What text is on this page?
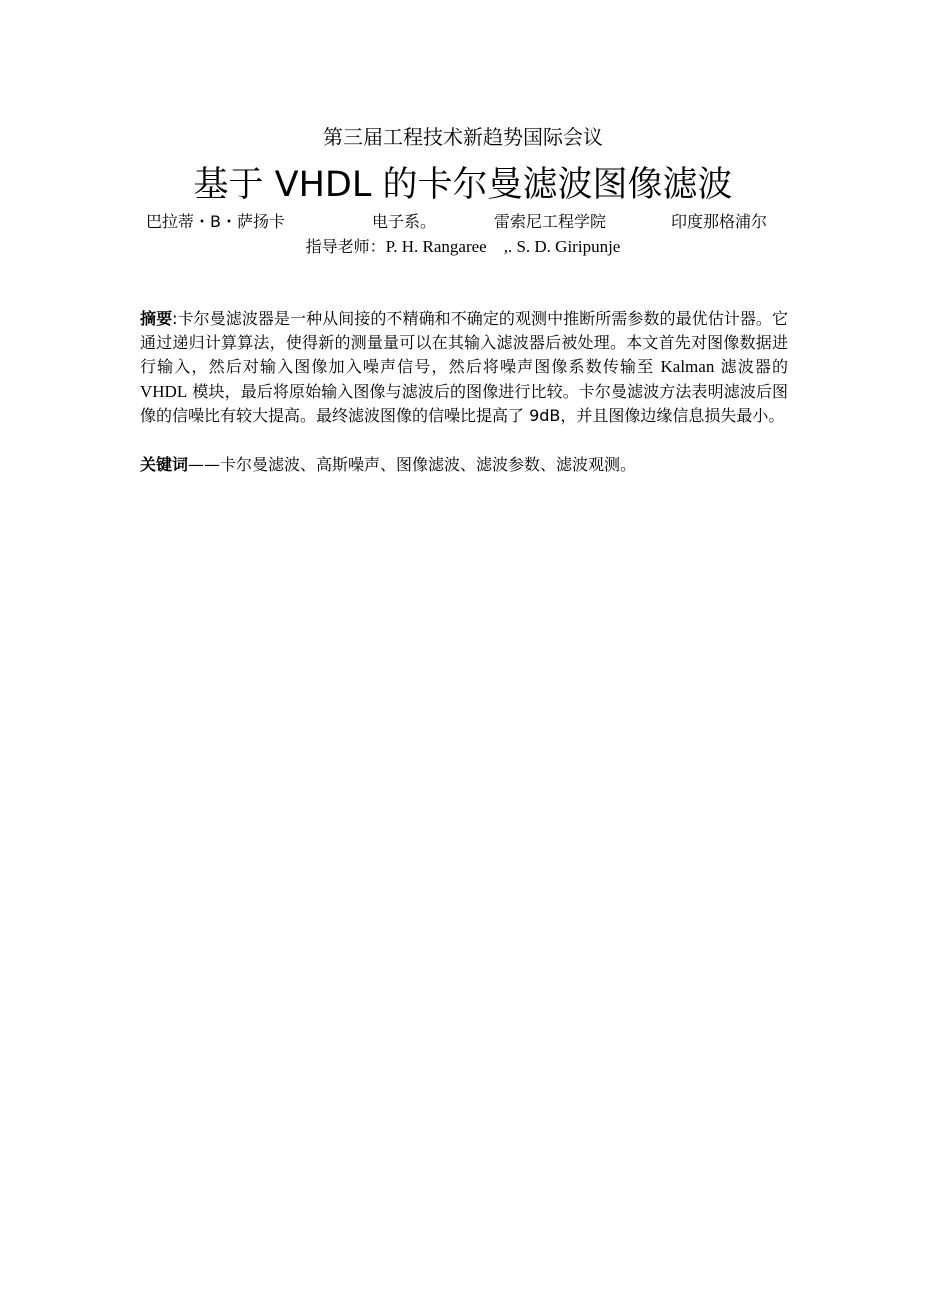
第三届工程技术新趋势国际会议
基于 VHDL 的卡尔曼滤波图像滤波
巴拉蒂・B・萨扬卡	电子系。	雷索尼工程学院	印度那格浦尔
指导老师：P. H. Rangaree    ,. S. D. Giripunje
摘要:卡尔曼滤波器是一种从间接的不精确和不确定的观测中推断所需参数的最优估计器。它通过递归计算算法，使得新的测量量可以在其输入滤波器后被处理。本文首先对图像数据进行输入，然后对输入图像加入噪声信号，然后将噪声图像系数传输至 Kalman 滤波器的 VHDL 模块，最后将原始输入图像与滤波后的图像进行比较。卡尔曼滤波方法表明滤波后图像的信噪比有较大提高。最终滤波图像的信噪比提高了 9dB，并且图像边缘信息损失最小。
关键词——卡尔曼滤波、高斯噪声、图像滤波、滤波参数、滤波观测。
